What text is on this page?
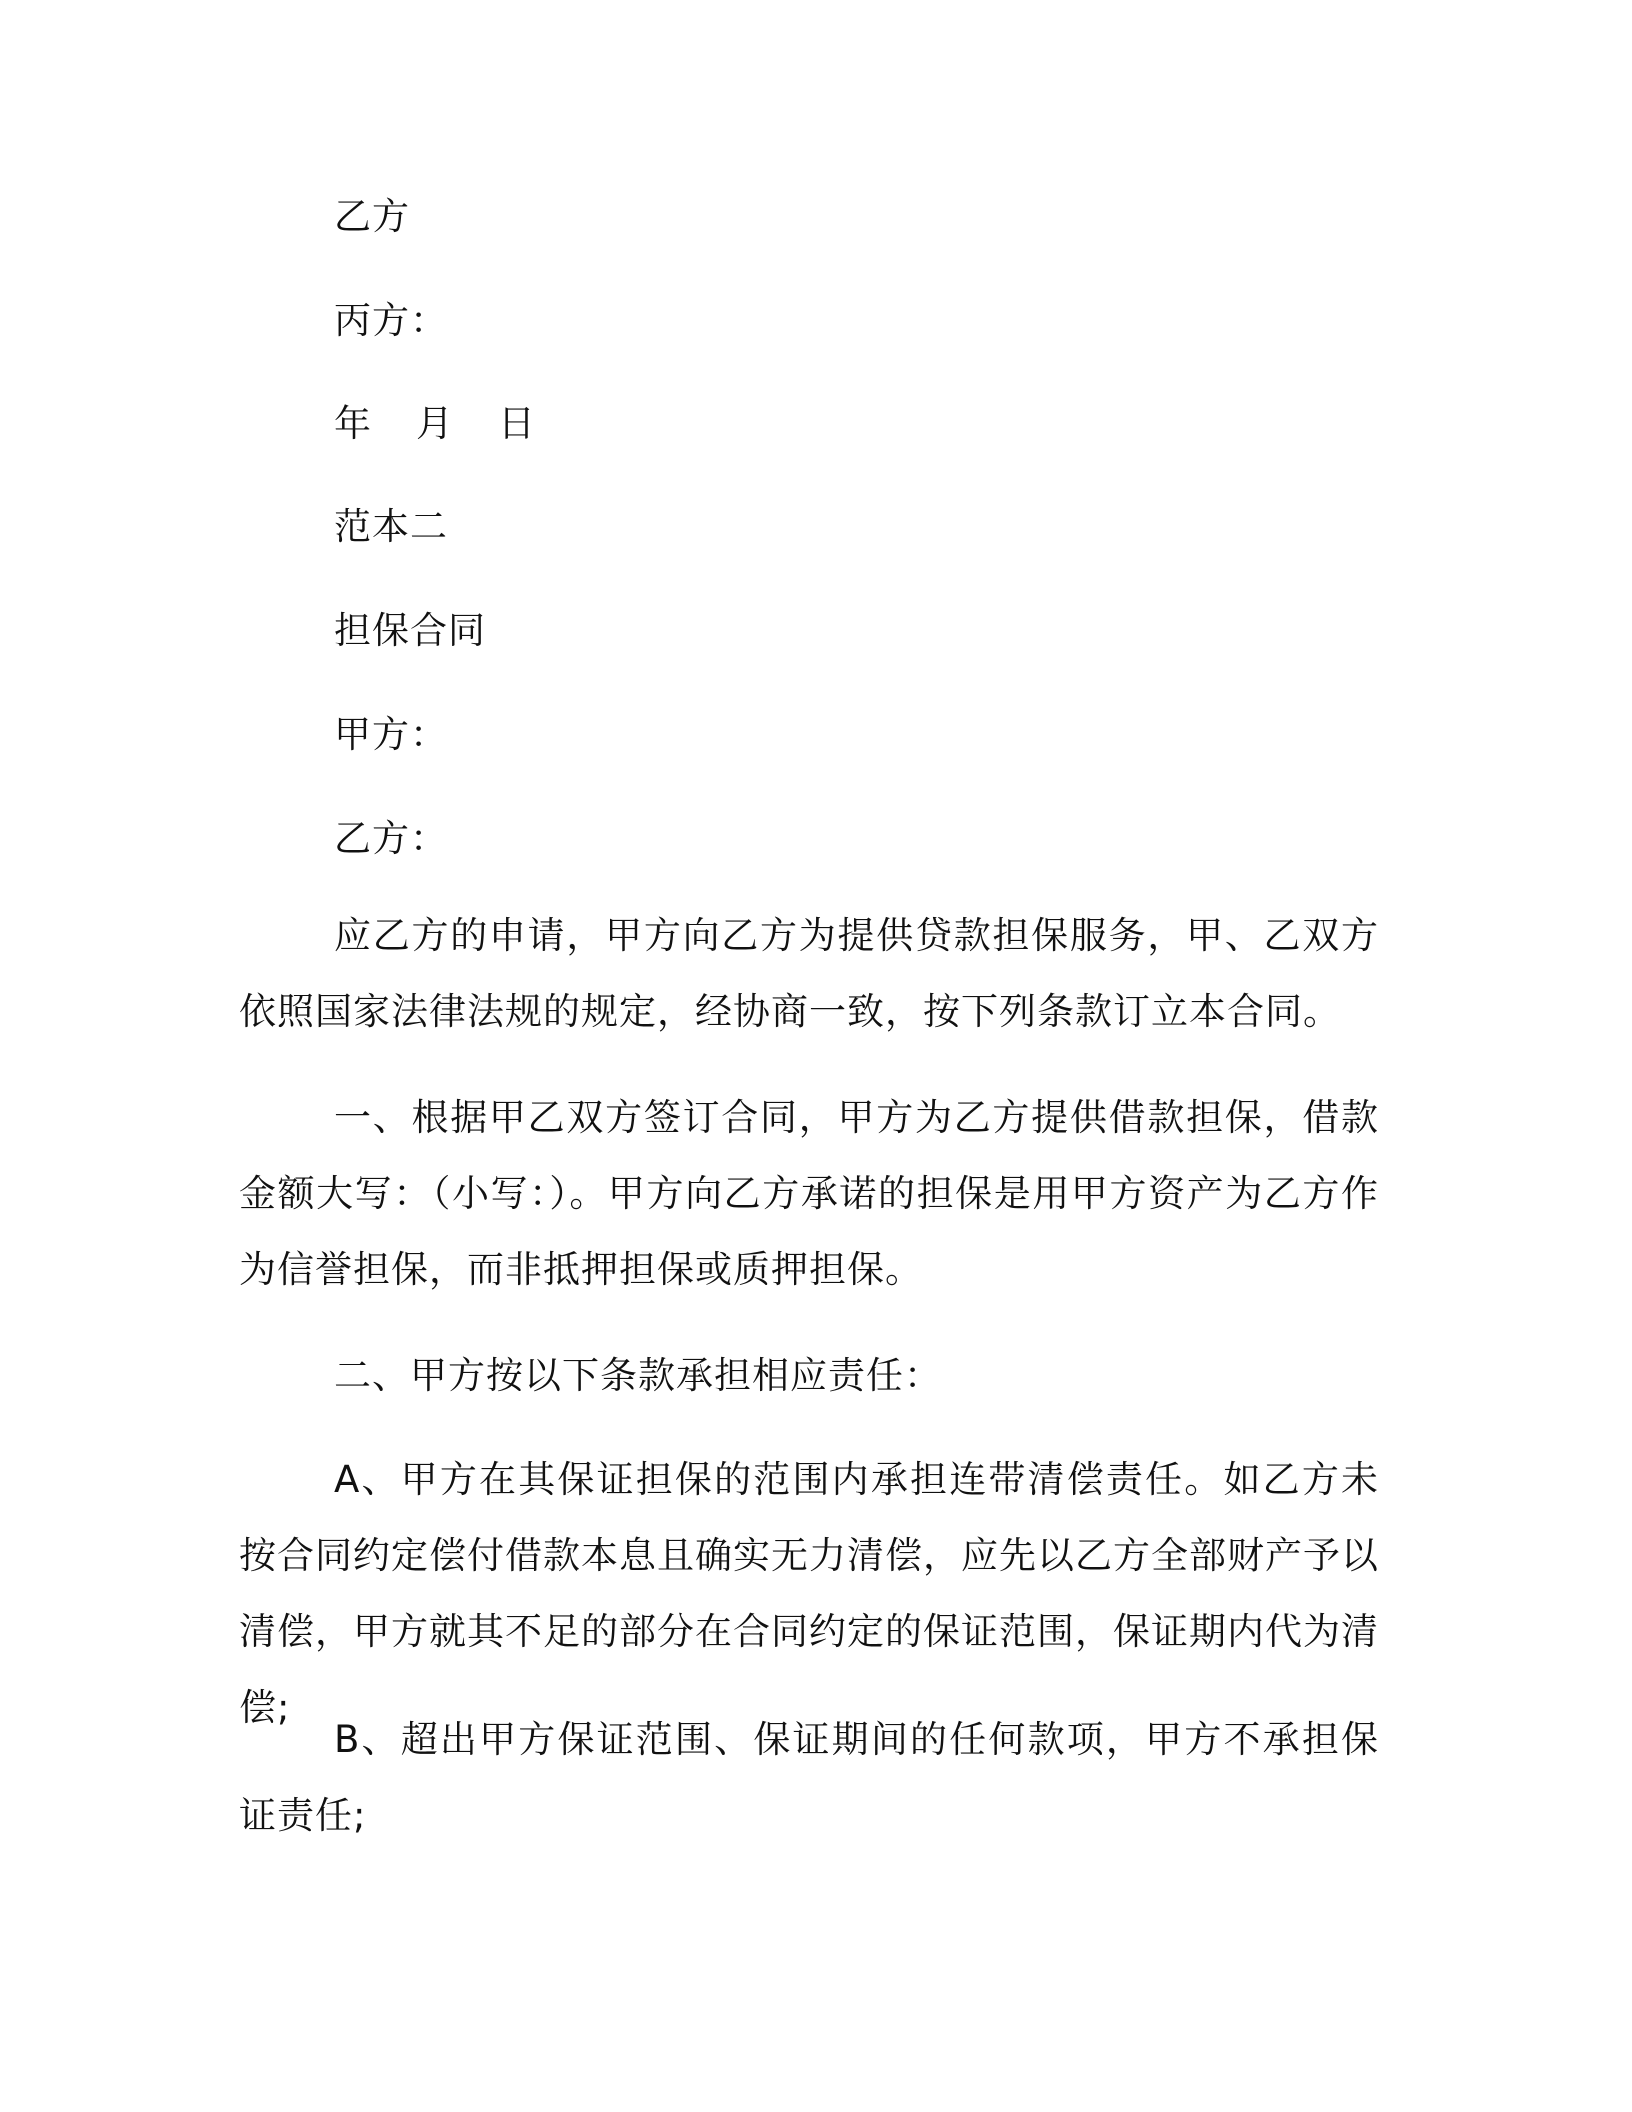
乙方
丙方：
年 月 日
范本二
担保合同
甲方：
乙方：

应乙方的申请，甲方向乙方为提供贷款担保服务，甲、乙双方依照国家法律法规的规定，经协商一致，按下列条款订立本合同。

一、根据甲乙双方签订合同，甲方为乙方提供借款担保，借款金额大写：（小写：）。甲方向乙方承诺的担保是用甲方资产为乙方作为信誉担保，而非抵押担保或质押担保。

二、甲方按以下条款承担相应责任：

A、甲方在其保证担保的范围内承担连带清偿责任。如乙方未按合同约定偿付借款本息且确实无力清偿，应先以乙方全部财产予以清偿，甲方就其不足的部分在合同约定的保证范围，保证期内代为清偿;

B、超出甲方保证范围、保证期间的任何款项，甲方不承担保证责任;
